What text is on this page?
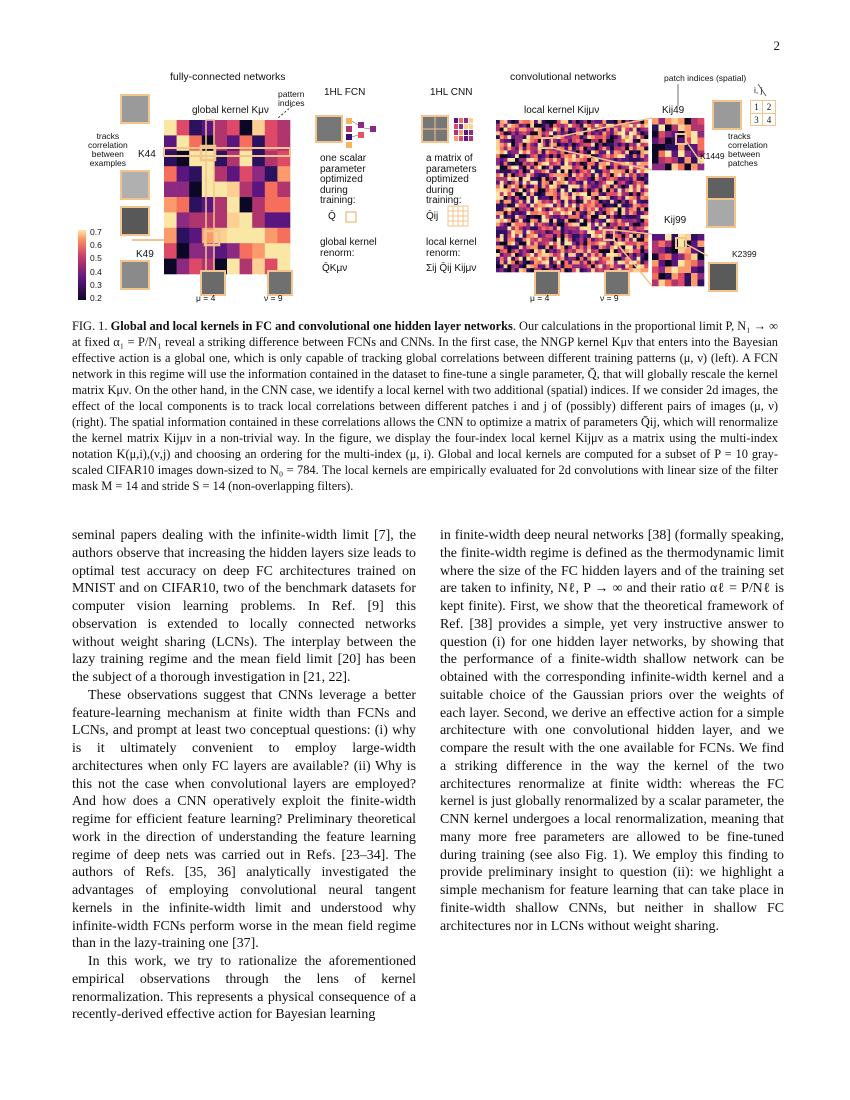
2
fully-connected networks
pattern
indices
global kernel Kμν
tracks
correlation
between
examples
K44
K49
μ = 4	ν = 9
0.7
0.6
0.5
0.4
0.3
0.2
1HL FCN
one scalar
parameter
optimized
during
training:
Q̄
global kernel
renorm:
Q̄Kμν
convolutional networks
1HL CNN
a matrix of
parameters
optimized
during
training:
Q̄ij
local kernel
renorm:
Σij Q̄ij Kijμν
local kernel Kijμν
patch indices (spatial)
i, j
1 2
3 4
Kij49
K1449
tracks
correlation
between
patches
Kij99
K2399
μ = 4	ν = 9
FIG. 1. Global and local kernels in FC and convolutional one hidden layer networks. Our calculations in the proportional limit P, N₁ → ∞ at fixed α₁ = P/N₁ reveal a striking difference between FCNs and CNNs. In the first case, the NNGP kernel Kμν that enters into the Bayesian effective action is a global one, which is only capable of tracking global correlations between different training patterns (μ, ν) (left). A FCN network in this regime will use the information contained in the dataset to fine-tune a single parameter, Q̄, that will globally rescale the kernel matrix Kμν. On the other hand, in the CNN case, we identify a local kernel with two additional (spatial) indices. If we consider 2d images, the effect of the local components is to track local correlations between different patches i and j of (possibly) different pairs of images (μ, ν) (right). The spatial information contained in these correlations allows the CNN to optimize a matrix of parameters Q̄ij, which will renormalize the kernel matrix Kijμν in a non-trivial way. In the figure, we display the four-index local kernel Kijμν as a matrix using the multi-index notation K(μ,i),(ν,j) and choosing an ordering for the multi-index (μ, i). Global and local kernels are computed for a subset of P = 10 gray-scaled CIFAR10 images down-sized to N₀ = 784. The local kernels are empirically evaluated for 2d convolutions with linear size of the filter mask M = 14 and stride S = 14 (non-overlapping filters).

seminal papers dealing with the infinite-width limit [7], the authors observe that increasing the hidden layers size leads to optimal test accuracy on deep FC architectures trained on MNIST and on CIFAR10, two of the benchmark datasets for computer vision learning problems. In Ref. [9] this observation is extended to locally connected networks without weight sharing (LCNs). The interplay between the lazy training regime and the mean field limit [20] has been the subject of a thorough investigation in [21, 22].

These observations suggest that CNNs leverage a better feature-learning mechanism at finite width than FCNs and LCNs, and prompt at least two conceptual questions: (i) why is it ultimately convenient to employ large-width architectures when only FC layers are available? (ii) Why is this not the case when convolutional layers are employed? And how does a CNN operatively exploit the finite-width regime for efficient feature learning? Preliminary theoretical work in the direction of understanding the feature learning regime of deep nets was carried out in Refs. [23–34]. The authors of Refs. [35, 36] analytically investigated the advantages of employing convolutional neural tangent kernels in the infinite-width limit and understood why infinite-width FCNs perform worse in the mean field regime than in the lazy-training one [37].

In this work, we try to rationalize the aforementioned empirical observations through the lens of kernel renormalization. This represents a physical consequence of a recently-derived effective action for Bayesian learning

in finite-width deep neural networks [38] (formally speaking, the finite-width regime is defined as the thermodynamic limit where the size of the FC hidden layers and of the training set are taken to infinity, Nℓ, P → ∞ and their ratio αℓ = P/Nℓ is kept finite). First, we show that the theoretical framework of Ref. [38] provides a simple, yet very instructive answer to question (i) for one hidden layer networks, by showing that the performance of a finite-width shallow network can be obtained with the corresponding infinite-width kernel and a suitable choice of the Gaussian priors over the weights of each layer. Second, we derive an effective action for a simple architecture with one convolutional hidden layer, and we compare the result with the one available for FCNs. We find a striking difference in the way the kernel of the two architectures renormalize at finite width: whereas the FC kernel is just globally renormalized by a scalar parameter, the CNN kernel undergoes a local renormalization, meaning that many more free parameters are allowed to be fine-tuned during training (see also Fig. 1). We employ this finding to provide preliminary insight to question (ii): we highlight a simple mechanism for feature learning that can take place in finite-width shallow CNNs, but neither in shallow FC architectures nor in LCNs without weight sharing.
